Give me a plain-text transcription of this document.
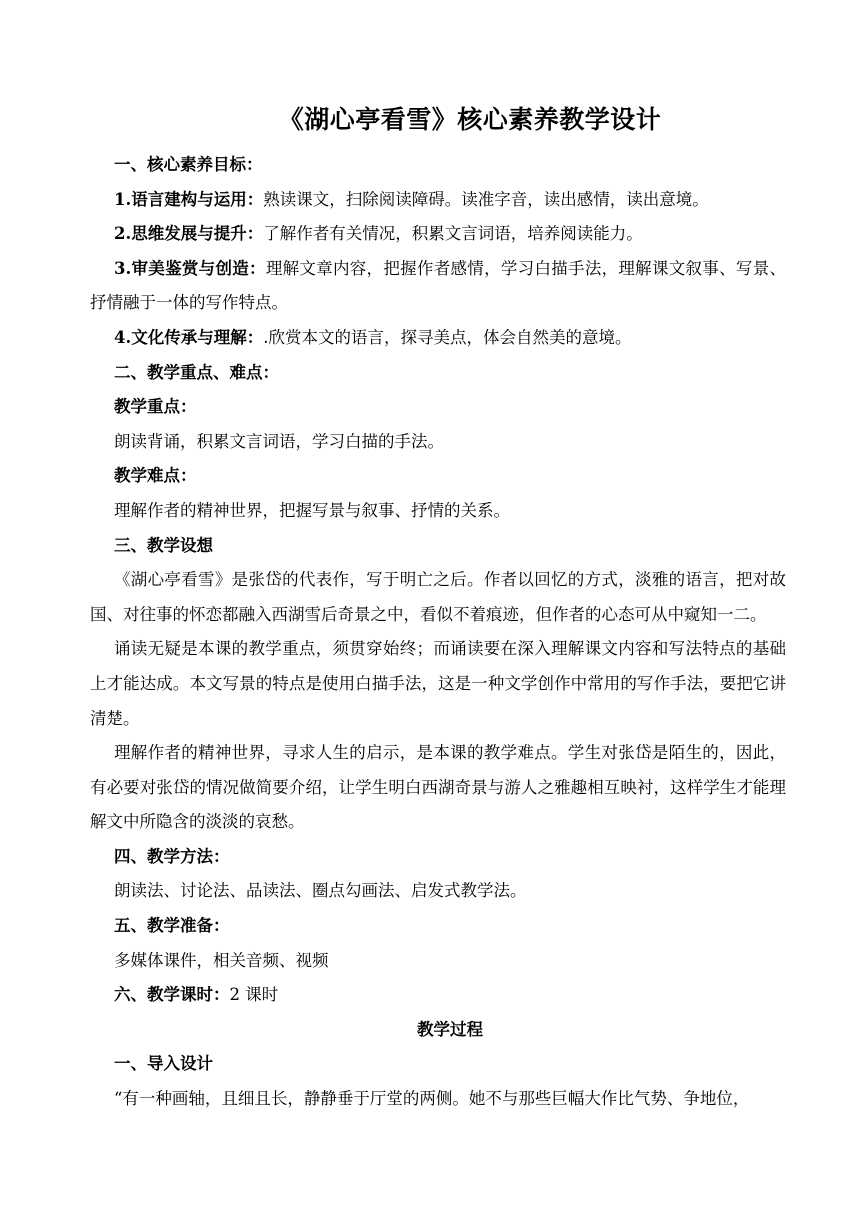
《湖心亭看雪》核心素养教学设计

一、核心素养目标：

1.语言建构与运用：熟读课文，扫除阅读障碍。读准字音，读出感情，读出意境。

2.思维发展与提升：了解作者有关情况，积累文言词语，培养阅读能力。

3.审美鉴赏与创造：理解文章内容，把握作者感情，学习白描手法，理解课文叙事、写景、抒情融于一体的写作特点。

4.文化传承与理解：.欣赏本文的语言，探寻美点，体会自然美的意境。

二、教学重点、难点：

教学重点：

朗读背诵，积累文言词语，学习白描的手法。

教学难点：

理解作者的精神世界，把握写景与叙事、抒情的关系。

三、教学设想

《湖心亭看雪》是张岱的代表作，写于明亡之后。作者以回忆的方式，淡雅的语言，把对故国、对往事的怀恋都融入西湖雪后奇景之中，看似不着痕迹，但作者的心态可从中窥知一二。

诵读无疑是本课的教学重点，须贯穿始终；而诵读要在深入理解课文内容和写法特点的基础上才能达成。本文写景的特点是使用白描手法，这是一种文学创作中常用的写作手法，要把它讲清楚。

理解作者的精神世界，寻求人生的启示，是本课的教学难点。学生对张岱是陌生的，因此，有必要对张岱的情况做简要介绍，让学生明白西湖奇景与游人之雅趣相互映衬，这样学生才能理解文中所隐含的淡淡的哀愁。

四、教学方法：

朗读法、讨论法、品读法、圈点勾画法、启发式教学法。

五、教学准备：

多媒体课件，相关音频、视频

六、教学课时：2 课时

教学过程

一、导入设计

“有一种画轴，且细且长，静静垂于厅堂的两侧。她不与那些巨幅大作比气势、争地位，
